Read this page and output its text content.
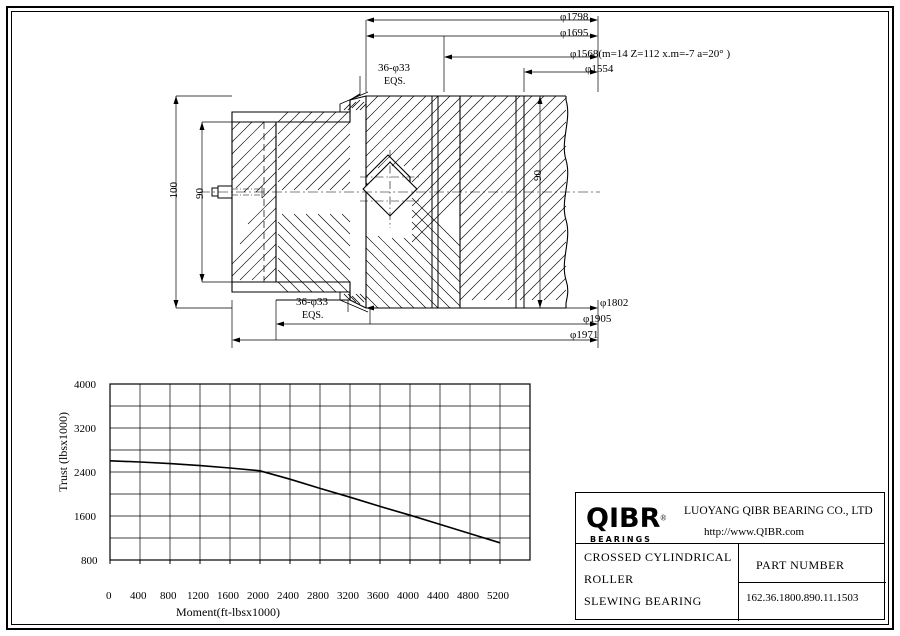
φ1798
φ1695
φ1568(m=14 Z=112 x.m=-7 a=20° )
φ1554
φ1802
φ1905
φ1971
36-φ33
EQS.
36-φ33
EQS.
100 90
90
4000
3200
2400
1600
800
0 400 800 1200 1600 2000 2400 2800 3200 3600 4000 4400 4800 5200
Trust (lbsx1000)
Moment(ft-lbsx1000)
QIBR®
BEARINGS
LUOYANG QIBR BEARING CO., LTD
http://www.QIBR.com
CROSSED CYLINDRICAL
ROLLER
SLEWING BEARING
PART NUMBER
162.36.1800.890.11.1503
